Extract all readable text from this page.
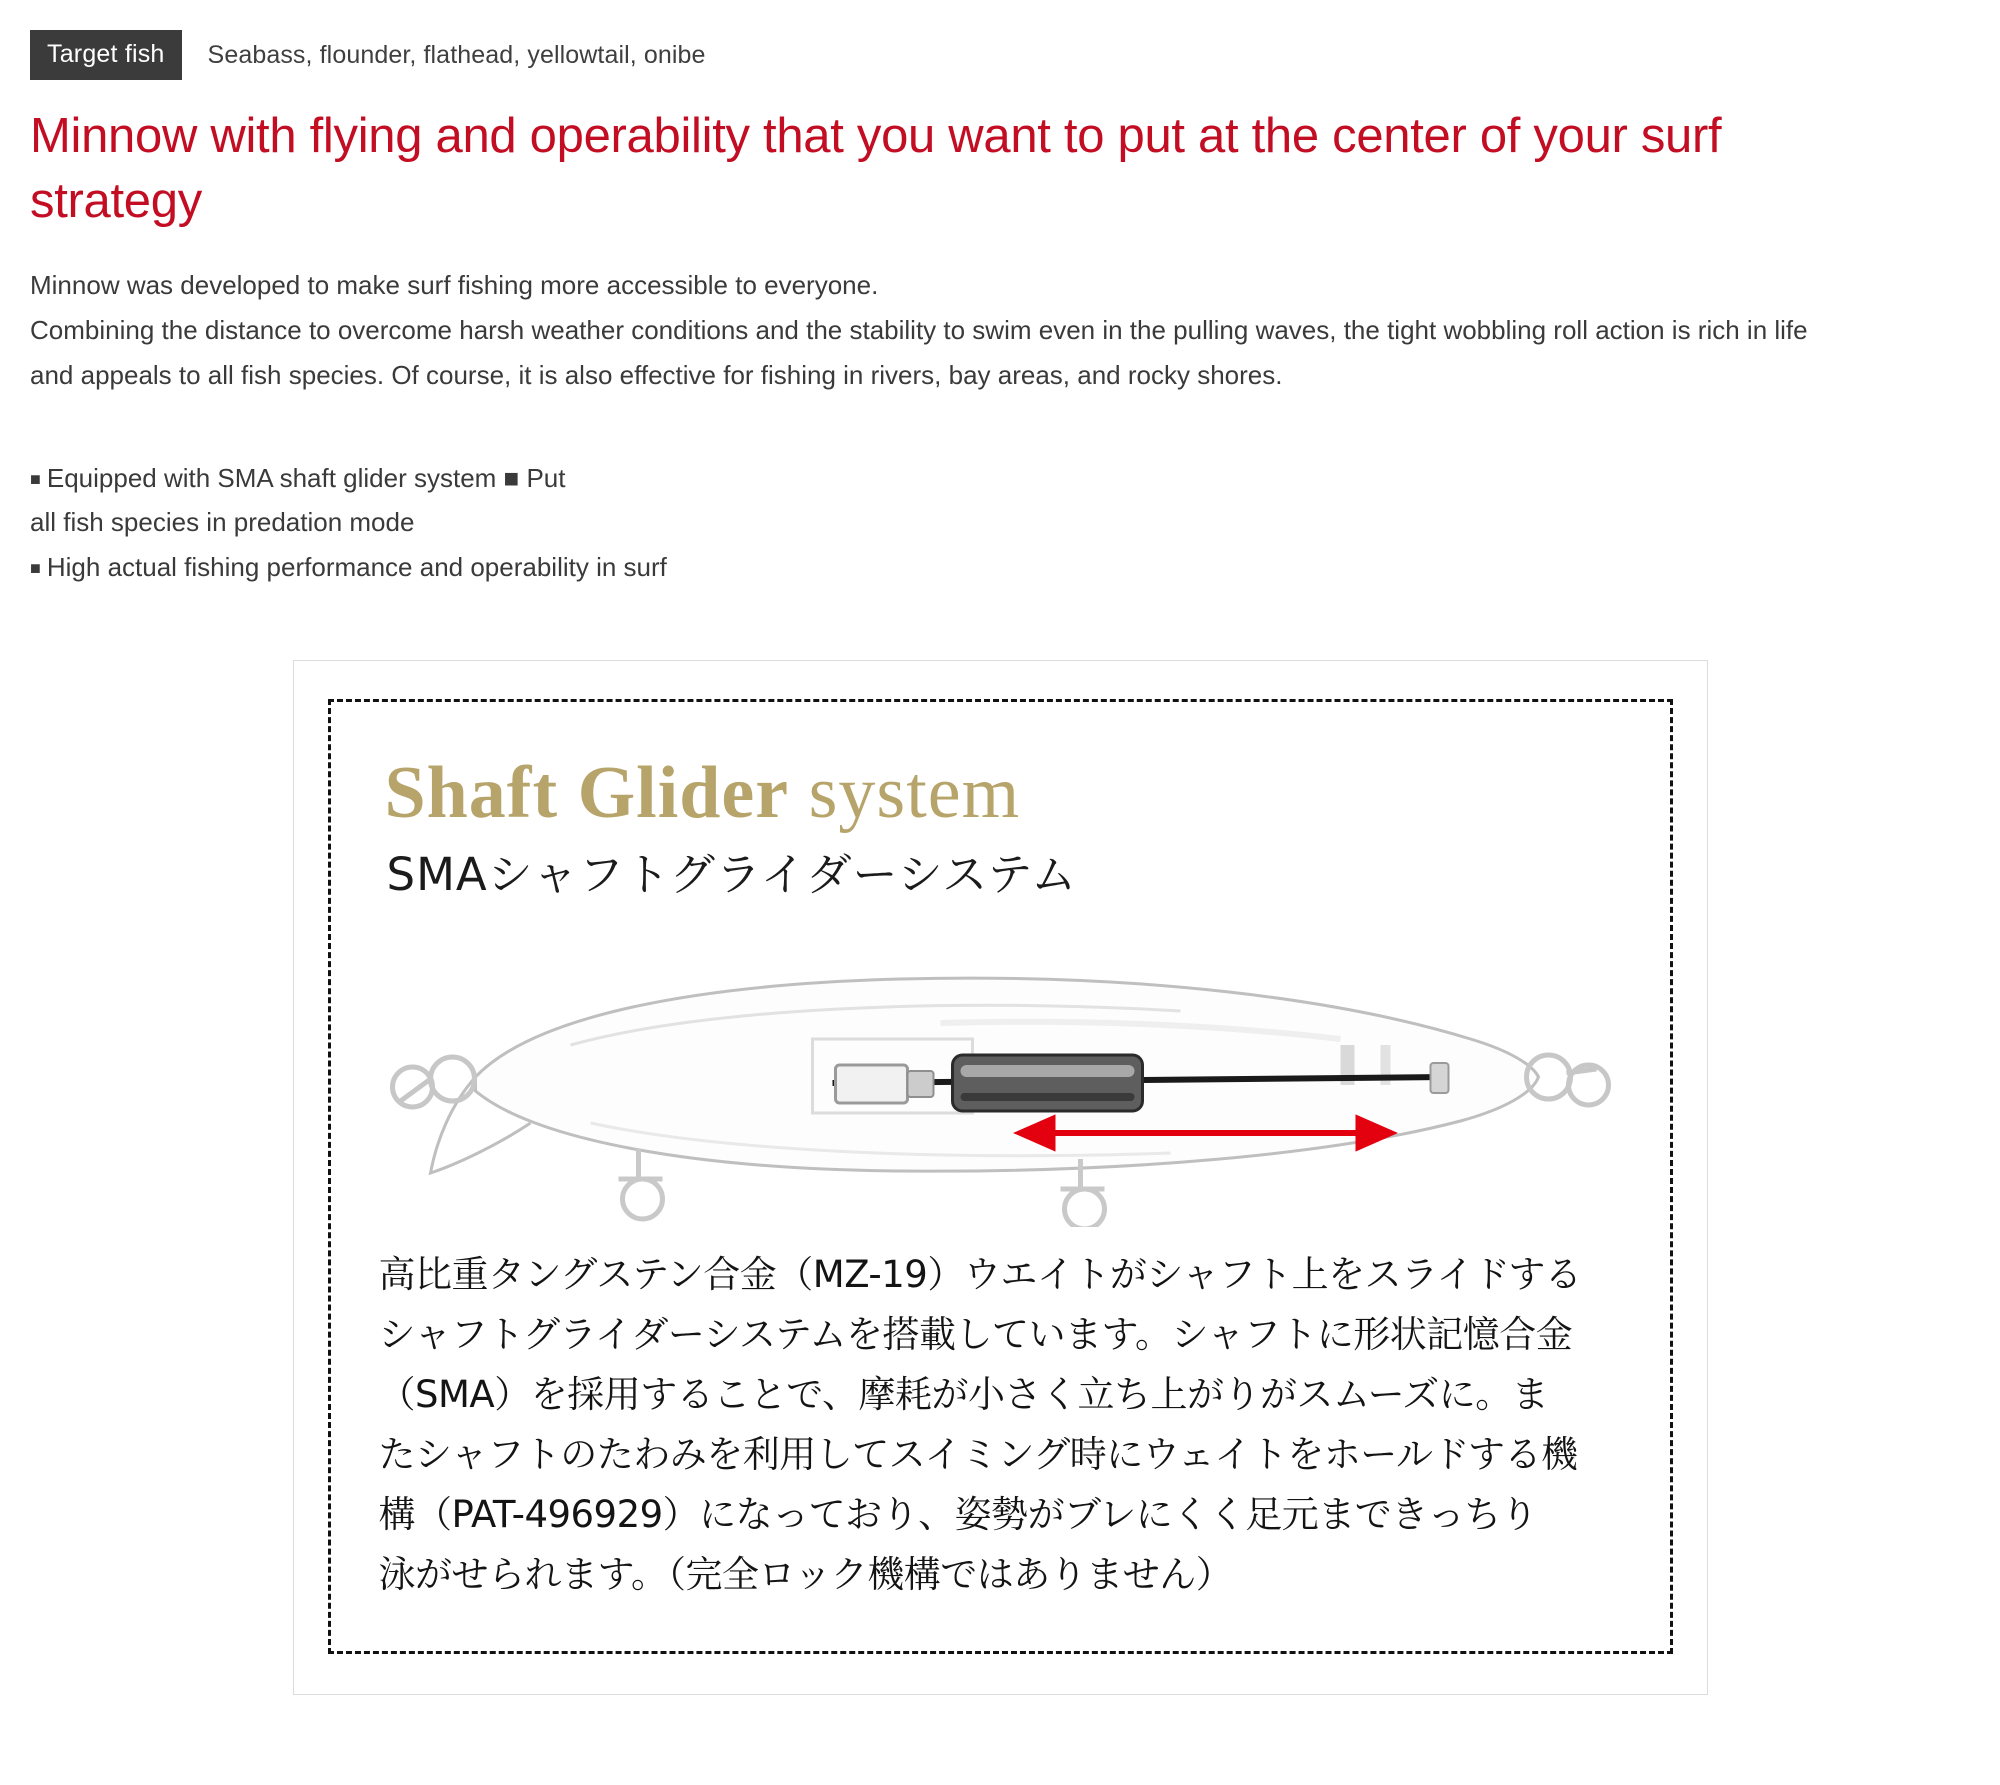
Target fish	Seabass, flounder, flathead, yellowtail, onibe
Minnow with flying and operability that you want to put at the center of your surf strategy

Minnow was developed to make surf fishing more accessible to everyone.

Combining the distance to overcome harsh weather conditions and the stability to swim even in the pulling waves, the tight wobbling roll action is rich in life

and appeals to all fish species. Of course, it is also effective for fishing in rivers, bay areas, and rocky shores.

■ Equipped with SMA shaft glider system ■ Put

all fish species in predation mode

■ High actual fishing performance and operability in surf

Shaft Glider system
SMAシャフトグライダーシステム

高比重タングステン合金（MZ-19）ウエイトがシャフト上をスライドする

シャフトグライダーシステムを搭載しています。シャフトに形状記憶合金

（SMA）を採用することで、摩耗が小さく立ち上がりがスムーズに。ま

たシャフトのたわみを利用してスイミング時にウェイトをホールドする機

構（PAT-496929）になっており、姿勢がブレにくく足元まできっちり

泳がせられます。（完全ロック機構ではありません）
